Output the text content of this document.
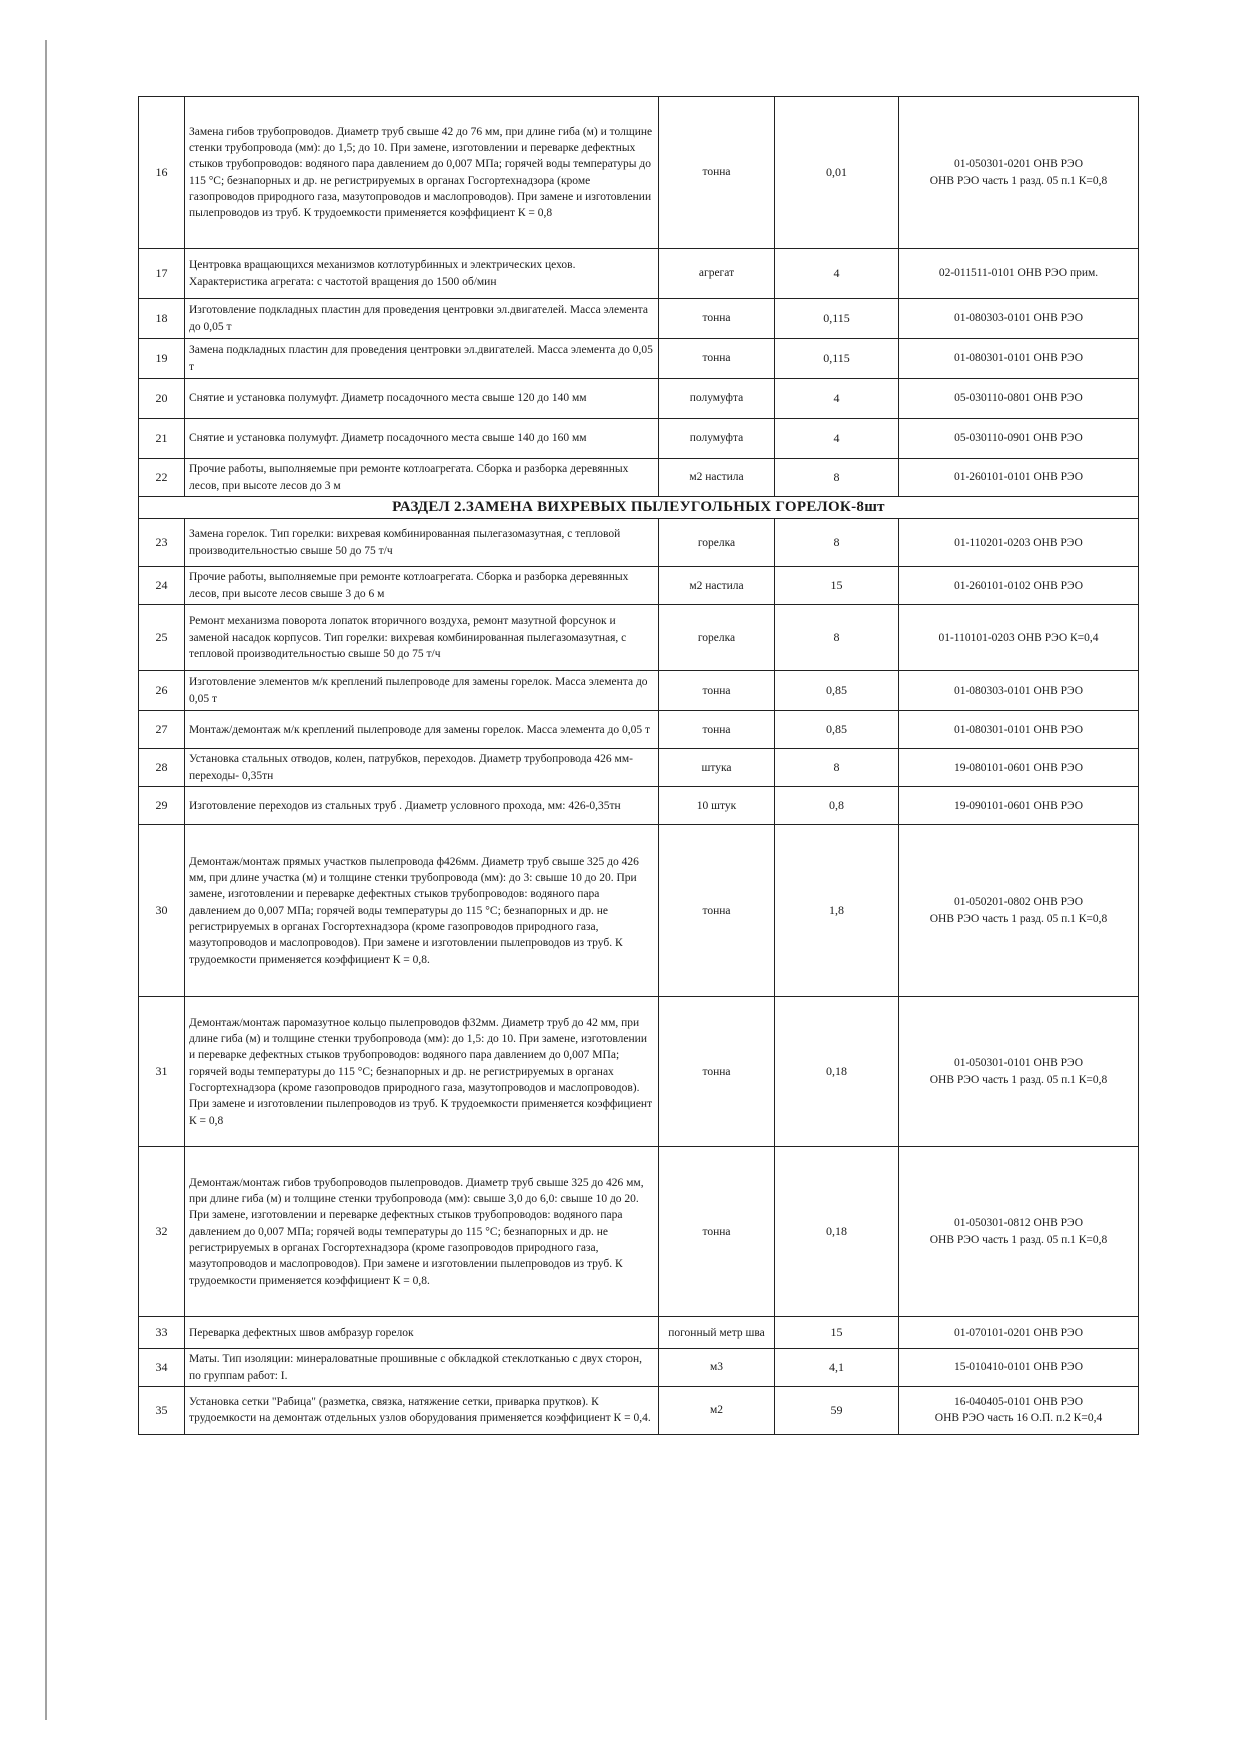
16	Замена гибов трубопроводов. Диаметр труб свыше 42 до 76 мм, при длине гиба (м) и толщине стенки трубопровода (мм): до 1,5; до 10. При замене, изготовлении и переварке дефектных стыков трубопроводов: водяного пара давлением до 0,007 МПа; горячей воды температуры до 115 °С; безнапорных и др. не регистрируемых в органах Госгортехнадзора (кроме газопроводов природного газа, мазутопроводов и маслопроводов). При замене и изготовлении пылепроводов из труб. К трудоемкости применяется коэффициент К = 0,8	тонна	0,01	01-050301-0201 ОНВ РЭО
ОНВ РЭО часть 1 разд. 05 п.1 К=0,8

17	Центровка вращающихся механизмов котлотурбинных и электрических цехов. Характеристика агрегата: с частотой вращения до 1500 об/мин	агрегат	4	02-011511-0101 ОНВ РЭО прим.

18	Изготовление подкладных пластин для проведения центровки эл.двигателей. Масса элемента до 0,05 т	тонна	0,115	01-080303-0101 ОНВ РЭО

19	Замена подкладных пластин для проведения центровки эл.двигателей. Масса элемента до 0,05 т	тонна	0,115	01-080301-0101 ОНВ РЭО

20	Снятие и установка полумуфт. Диаметр посадочного места свыше 120 до 140 мм	полумуфта	4	05-030110-0801 ОНВ РЭО

21	Снятие и установка полумуфт. Диаметр посадочного места свыше 140 до 160 мм	полумуфта	4	05-030110-0901 ОНВ РЭО

22	Прочие работы, выполняемые при ремонте котлоагрегата. Сборка и разборка деревянных лесов, при высоте лесов до 3 м	м2 настила	8	01-260101-0101 ОНВ РЭО

РАЗДЕЛ 2.ЗАМЕНА ВИХРЕВЫХ ПЫЛЕУГОЛЬНЫХ ГОРЕЛОК-8шт				
23	Замена горелок. Тип горелки: вихревая комбинированная пылегазомазутная, с тепловой производительностью свыше 50 до 75 т/ч	горелка	8	01-110201-0203 ОНВ РЭО

24	Прочие работы, выполняемые при ремонте котлоагрегата. Сборка и разборка деревянных лесов, при высоте лесов свыше 3 до 6 м	м2 настила	15	01-260101-0102 ОНВ РЭО

25	Ремонт механизма поворота лопаток вторичного воздуха, ремонт мазутной форсунок и заменой насадок корпусов. Тип горелки: вихревая комбинированная пылегазомазутная, с тепловой производительностью свыше 50 до 75 т/ч	горелка	8	01-110101-0203 ОНВ РЭО К=0,4

26	Изготовление элементов м/к креплений пылепроводе для замены горелок. Масса элемента до 0,05 т	тонна	0,85	01-080303-0101 ОНВ РЭО

27	Монтаж/демонтаж м/к креплений пылепроводе для замены горелок. Масса элемента до 0,05 т	тонна	0,85	01-080301-0101 ОНВ РЭО

28	Установка стальных отводов, колен, патрубков, переходов. Диаметр трубопровода 426 мм- переходы- 0,35тн	штука	8	19-080101-0601 ОНВ РЭО

29	Изготовление переходов из стальных труб . Диаметр условного прохода, мм: 426-0,35тн	10 штук	0,8	19-090101-0601 ОНВ РЭО

30	Демонтаж/монтаж прямых участков пылепровода ф426мм. Диаметр труб свыше 325 до 426 мм, при длине участка (м) и толщине стенки трубопровода (мм): до 3: свыше 10 до 20. При замене, изготовлении и переварке дефектных стыков трубопроводов: водяного пара давлением до 0,007 МПа; горячей воды температуры до 115 °С; безнапорных и др. не регистрируемых в органах Госгортехнадзора (кроме газопроводов природного газа, мазутопроводов и маслопроводов). При замене и изготовлении пылепроводов из труб. К трудоемкости применяется коэффициент К = 0,8.	тонна	1,8	01-050201-0802 ОНВ РЭО
ОНВ РЭО часть 1 разд. 05 п.1 К=0,8

31	Демонтаж/монтаж паромазутное кольцо пылепроводов ф32мм. Диаметр труб до 42 мм, при длине гиба (м) и толщине стенки трубопровода (мм): до 1,5: до 10. При замене, изготовлении и переварке дефектных стыков трубопроводов: водяного пара давлением до 0,007 МПа; горячей воды температуры до 115 °С; безнапорных и др. не регистрируемых в органах Госгортехнадзора (кроме газопроводов природного газа, мазутопроводов и маслопроводов). При замене и изготовлении пылепроводов из труб. К трудоемкости применяется коэффициент К = 0,8	тонна	0,18	01-050301-0101 ОНВ РЭО
ОНВ РЭО часть 1 разд. 05 п.1 К=0,8

32	Демонтаж/монтаж гибов трубопроводов пылепроводов. Диаметр труб свыше 325 до 426 мм, при длине гиба (м) и толщине стенки трубопровода (мм): свыше 3,0 до 6,0: свыше 10 до 20. При замене, изготовлении и переварке дефектных стыков трубопроводов: водяного пара давлением до 0,007 МПа; горячей воды температуры до 115 °С; безнапорных и др. не регистрируемых в органах Госгортехнадзора (кроме газопроводов природного газа, мазутопроводов и маслопроводов). При замене и изготовлении пылепроводов из труб. К трудоемкости применяется коэффициент К = 0,8.	тонна	0,18	01-050301-0812 ОНВ РЭО
ОНВ РЭО часть 1 разд. 05 п.1 К=0,8

33	Переварка дефектных швов амбразур горелок	погонный метр шва	15	01-070101-0201 ОНВ РЭО

34	Маты. Тип изоляции: минераловатные прошивные с обкладкой стеклотканью с двух сторон, по группам работ: I.	м3	4,1	15-010410-0101 ОНВ РЭО

35	Установка сетки "Рабица" (разметка, связка, натяжение сетки, приварка прутков). К трудоемкости на демонтаж отдельных узлов оборудования применяется коэффициент К = 0,4.	м2	59	16-040405-0101 ОНВ РЭО
ОНВ РЭО часть 16 О.П. п.2 К=0,4
